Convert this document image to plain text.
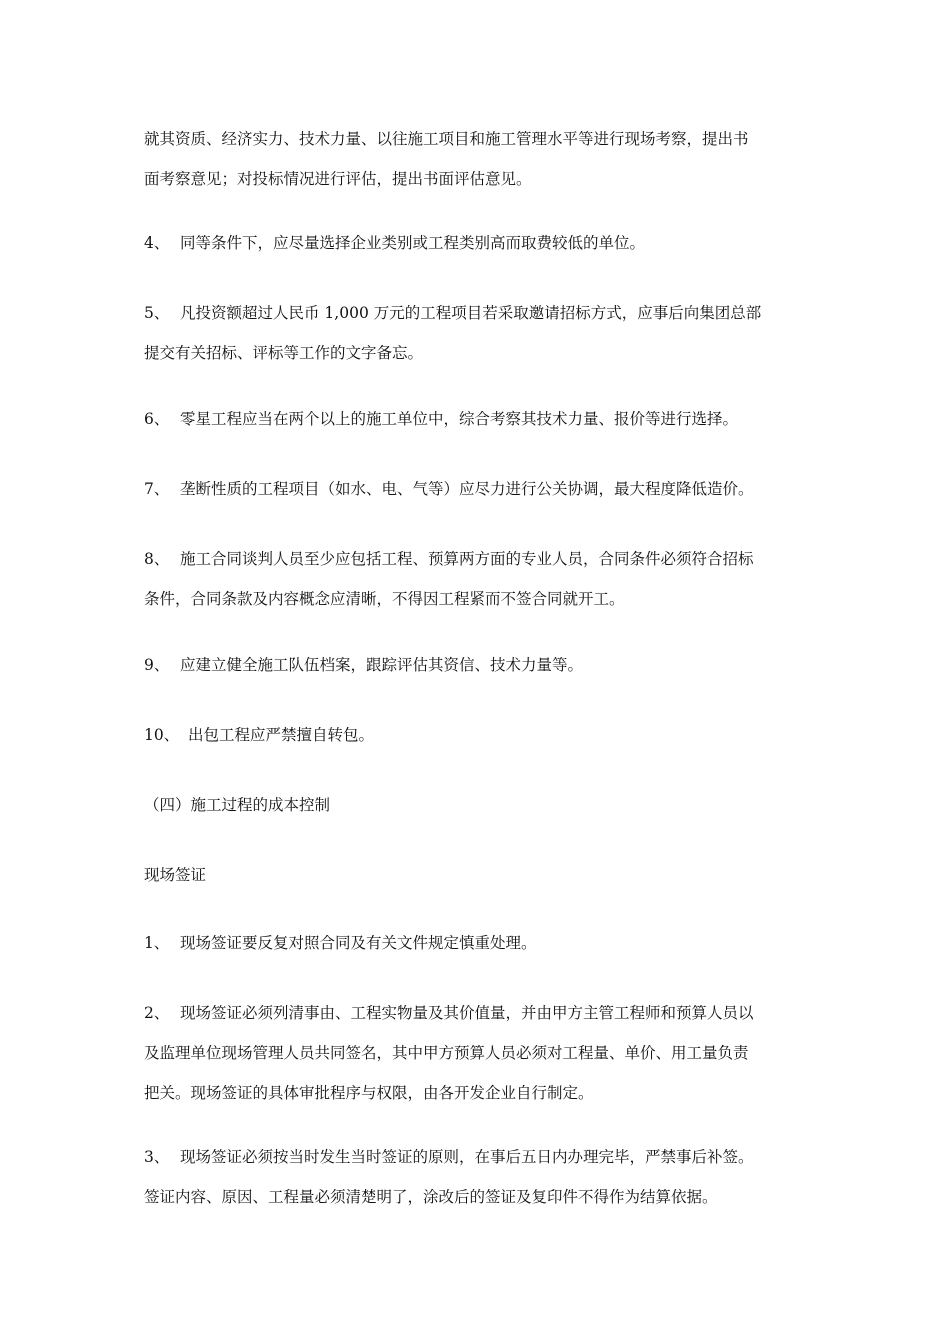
就其资质、经济实力、技术力量、以往施工项目和施工管理水平等进行现场考察，提出书
面考察意见；对投标情况进行评估，提出书面评估意见。
4、 同等条件下，应尽量选择企业类别或工程类别高而取费较低的单位。
5、 凡投资额超过人民币 1,000 万元的工程项目若采取邀请招标方式，应事后向集团总部
提交有关招标、评标等工作的文字备忘。
6、 零星工程应当在两个以上的施工单位中，综合考察其技术力量、报价等进行选择。
7、 垄断性质的工程项目（如水、电、气等）应尽力进行公关协调，最大程度降低造价。
8、 施工合同谈判人员至少应包括工程、预算两方面的专业人员，合同条件必须符合招标
条件，合同条款及内容概念应清晰，不得因工程紧而不签合同就开工。
9、 应建立健全施工队伍档案，跟踪评估其资信、技术力量等。
10、 出包工程应严禁擅自转包。
（四）施工过程的成本控制
现场签证
1、 现场签证要反复对照合同及有关文件规定慎重处理。
2、 现场签证必须列清事由、工程实物量及其价值量，并由甲方主管工程师和预算人员以
及监理单位现场管理人员共同签名，其中甲方预算人员必须对工程量、单价、用工量负责
把关。现场签证的具体审批程序与权限，由各开发企业自行制定。
3、 现场签证必须按当时发生当时签证的原则，在事后五日内办理完毕，严禁事后补签。
签证内容、原因、工程量必须清楚明了，涂改后的签证及复印件不得作为结算依据。
